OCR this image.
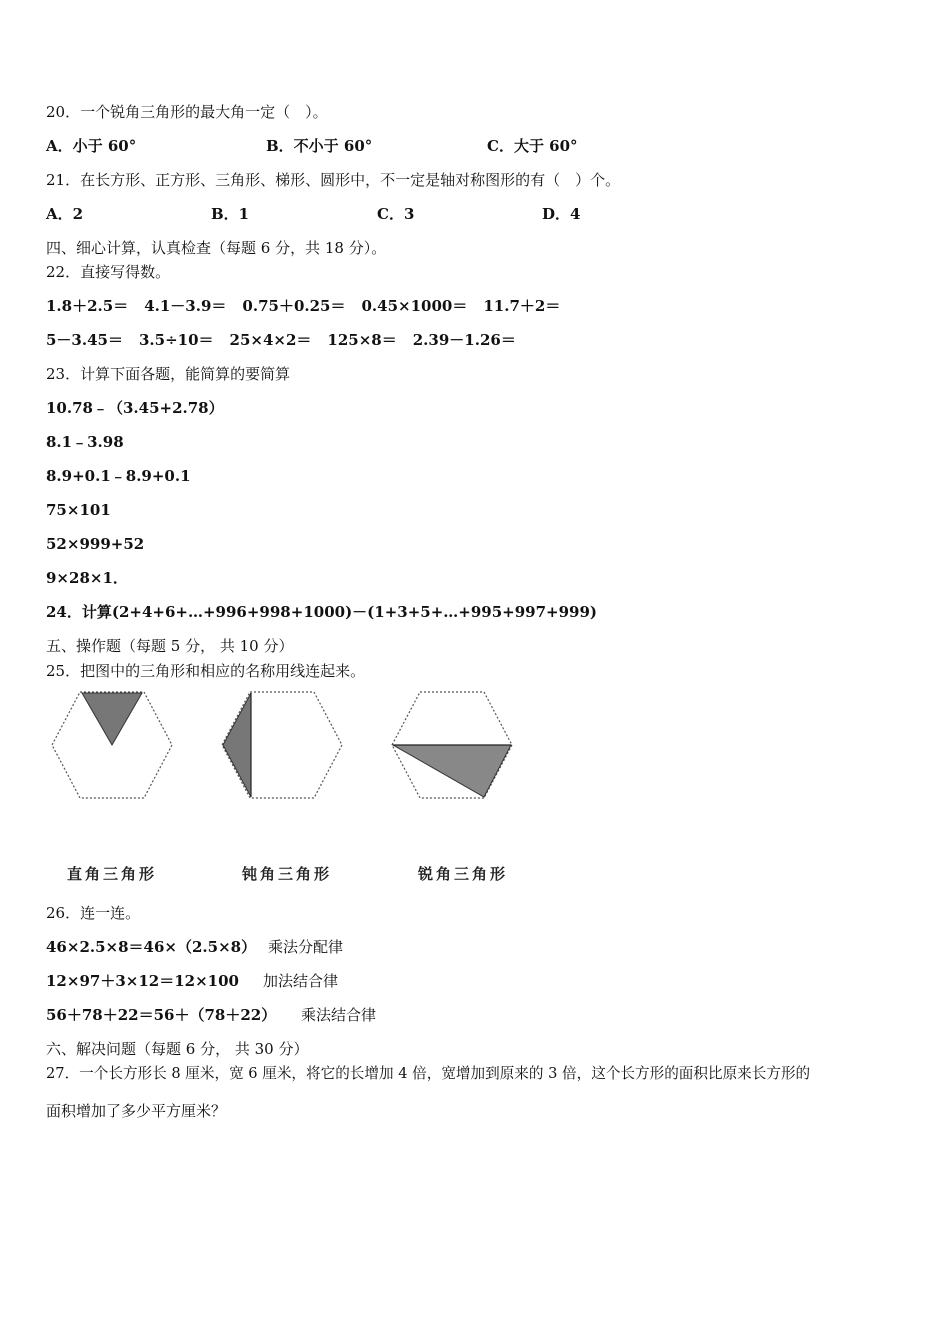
20．一个锐角三角形的最大角一定（　）。
A．小于 60°	B．不小于 60°	C．大于 60°
21．在长方形、正方形、三角形、梯形、圆形中，不一定是轴对称图形的有（　）个。
A．2	B．1	C．3	D．4
四、细心计算，认真检查（每题 6 分，共 18 分）。
22．直接写得数。
1.8＋2.5＝ 4.1－3.9＝ 0.75＋0.25＝ 0.45×1000＝ 11.7＋2＝
5－3.45＝ 3.5÷10＝ 25×4×2＝ 125×8＝ 2.39－1.26＝
23．计算下面各题，能简算的要简算
10.78﹣（3.45+2.78）
8.1﹣3.98
8.9+0.1﹣8.9+0.1
75×101
52×999+52
9×28×1．
24．计算(2+4+6+…+996+998+1000)－(1+3+5+…+995+997+999)
五、操作题（每题 5 分， 共 10 分）
25．把图中的三角形和相应的名称用线连起来。
直角三角形	钝角三角形	锐角三角形
26．连一连。
46×2.5×8＝46×（2.5×8） 乘法分配律
12×97＋3×12＝12×100 加法结合律
56＋78＋22＝56＋（78＋22） 乘法结合律
六、解决问题（每题 6 分， 共 30 分）
27．一个长方形长 8 厘米，宽 6 厘米，将它的长增加 4 倍，宽增加到原来的 3 倍，这个长方形的面积比原来长方形的
面积增加了多少平方厘米？
